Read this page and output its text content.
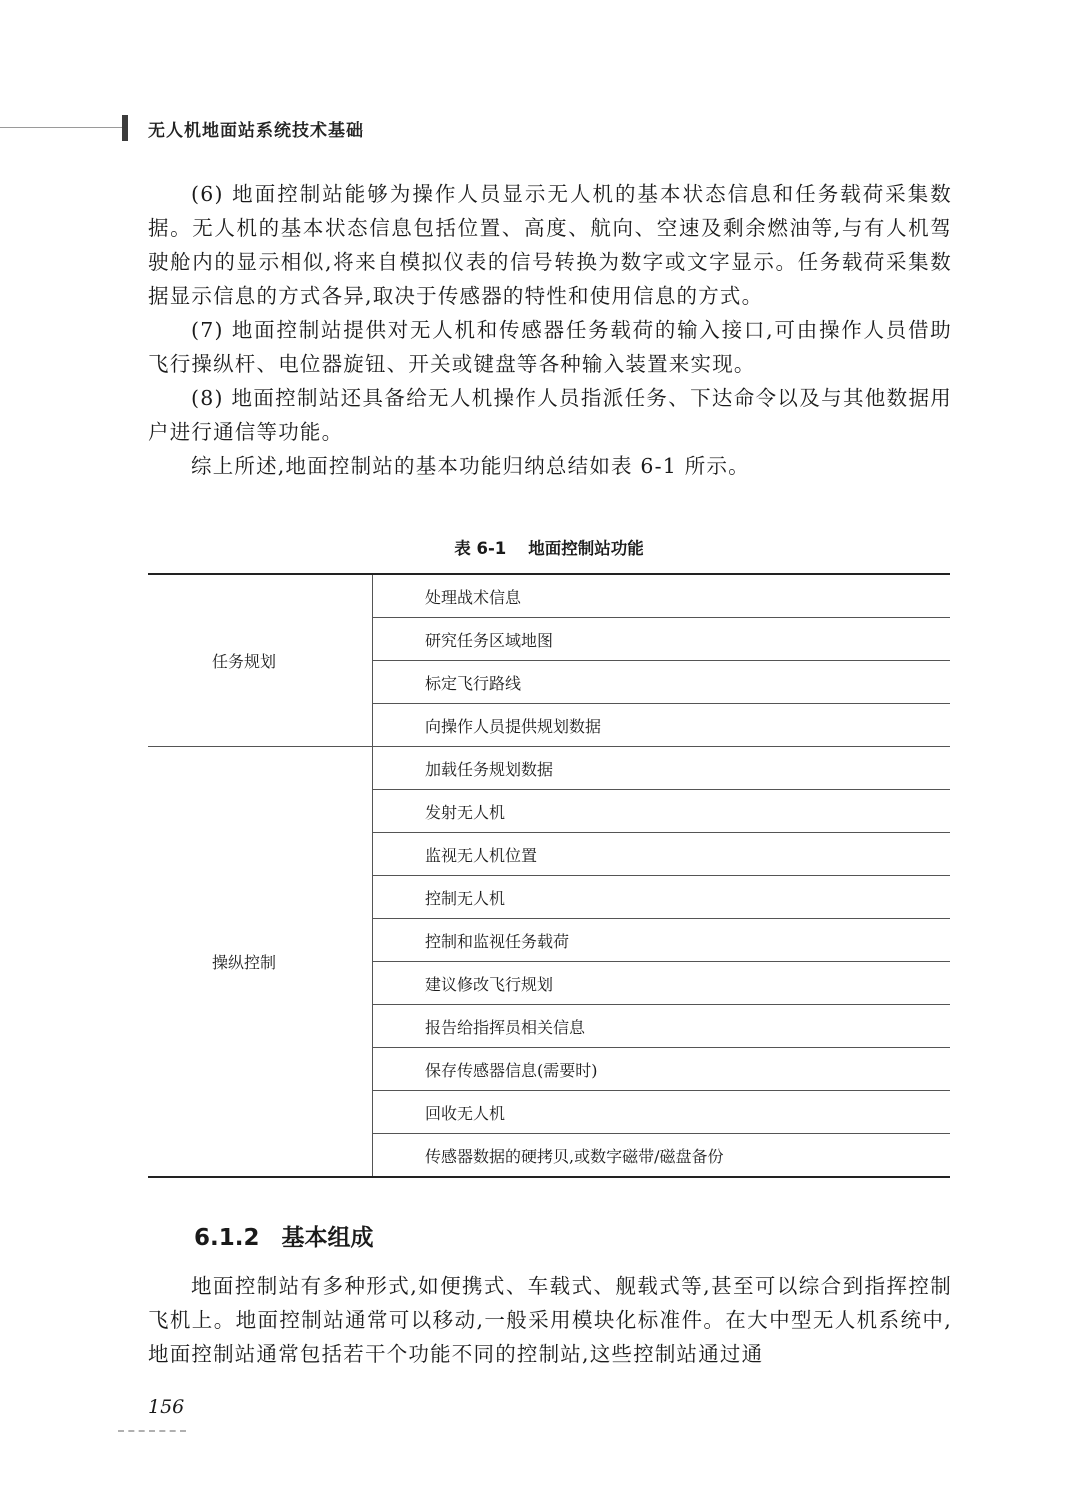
无人机地面站系统技术基础

(6) 地面控制站能够为操作人员显示无人机的基本状态信息和任务载荷采集数据。无人机的基本状态信息包括位置、高度、航向、空速及剩余燃油等,与有人机驾驶舱内的显示相似,将来自模拟仪表的信号转换为数字或文字显示。任务载荷采集数据显示信息的方式各异,取决于传感器的特性和使用信息的方式。

(7) 地面控制站提供对无人机和传感器任务载荷的输入接口,可由操作人员借助飞行操纵杆、电位器旋钮、开关或键盘等各种输入装置来实现。

(8) 地面控制站还具备给无人机操作人员指派任务、下达命令以及与其他数据用户进行通信等功能。

综上所述,地面控制站的基本功能归纳总结如表 6-1 所示。

表 6-1 地面控制站功能
任务规划	处理战术信息
	研究任务区域地图
	标定飞行路线
	向操作人员提供规划数据
操纵控制	加载任务规划数据
	发射无人机
	监视无人机位置
	控制无人机
	控制和监视任务载荷
	建议修改飞行规划
	报告给指挥员相关信息
	保存传感器信息(需要时)
	回收无人机
	传感器数据的硬拷贝,或数字磁带/磁盘备份
6.1.2 基本组成

地面控制站有多种形式,如便携式、车载式、舰载式等,甚至可以综合到指挥控制飞机上。地面控制站通常可以移动,一般采用模块化标准件。在大中型无人机系统中,地面控制站通常包括若干个功能不同的控制站,这些控制站通过通

156
